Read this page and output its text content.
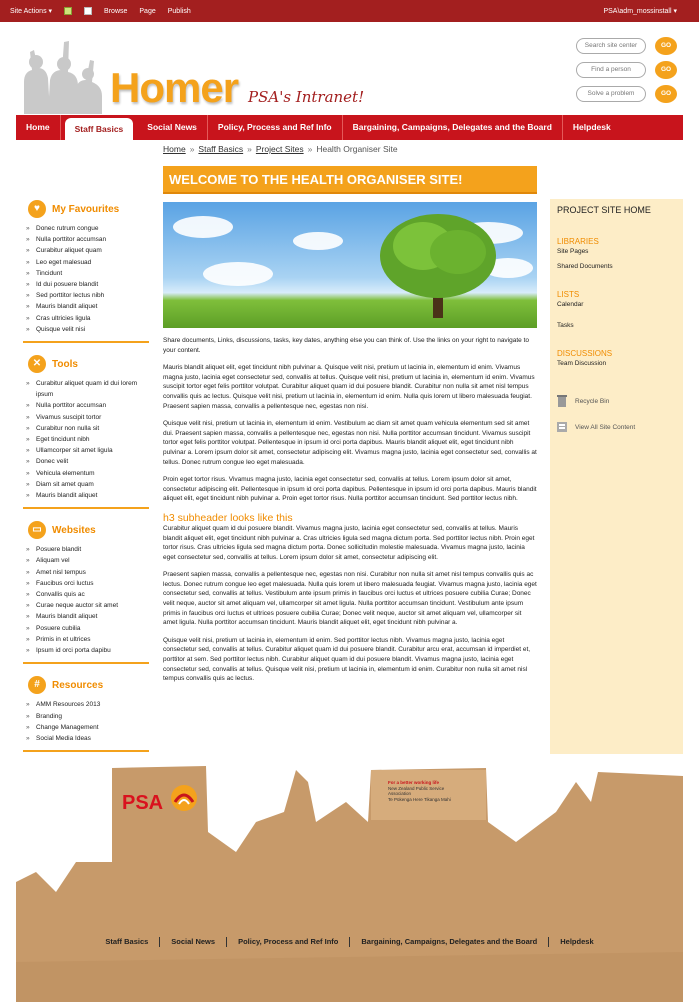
Site Actions ▾	Browse Page Publish	PSA\adm_mossinstall ▾
Homer PSA's Intranet!
Search site center	GO
Find a person	GO
Solve a problem	GO
Home	Staff Basics	Social News	Policy, Process and Ref Info	Bargaining, Campaigns, Delegates and the Board	Helpdesk
Home » Staff Basics » Project Sites » Health Organiser Site
WELCOME TO THE HEALTH ORGANISER SITE!
♥	My Favourites
» Donec rutrum congue
» Nulla porttitor accumsan
» Curabitur aliquet quam
» Leo eget malesuad
» Tincidunt
» Id dui posuere blandit
» Sed porttitor lectus nibh
» Mauris blandit aliquet
» Cras ultricies ligula
» Quisque velit nisi
✕	Tools
» Curabitur aliquet quam id dui lorem ipsum
» Nulla porttitor accumsan
» Vivamus suscipit tortor
» Curabitur non nulla sit
» Eget tincidunt nibh
» Ullamcorper sit amet ligula
» Donec velit
» Vehicula elementum
» Diam sit amet quam
» Mauris blandit aliquet
▭	Websites
» Posuere blandit
» Aliquam vel
» Amet nisl tempus
» Faucibus orci luctus
» Convallis quis ac
» Curae neque auctor sit amet
» Mauris blandit aliquet
» Posuere cubilia
» Primis in et ultrices
» Ipsum id orci porta dapibu
#	Resources
» AMM Resources 2013
» Branding
» Change Management
» Social Media Ideas

Share documents, Links, discussions, tasks, key dates, anything else you can think of. Use the links on your right to navigate to your content.

Mauris blandit aliquet elit, eget tincidunt nibh pulvinar a. Quisque velit nisi, pretium ut lacinia in, elementum id enim. Vivamus magna justo, lacinia eget consectetur sed, convallis at tellus. Quisque velit nisi, pretium ut lacinia in, elementum id enim. Vivamus suscipit tortor eget felis porttitor volutpat. Curabitur aliquet quam id dui posuere blandit. Curabitur non nulla sit amet nisl tempus convallis quis ac lectus. Quisque velit nisi, pretium ut lacinia in, elementum id enim. Nulla quis lorem ut libero malesuada feugiat. Praesent sapien massa, convallis a pellentesque nec, egestas non nisi.

Quisque velit nisi, pretium ut lacinia in, elementum id enim. Vestibulum ac diam sit amet quam vehicula elementum sed sit amet dui. Praesent sapien massa, convallis a pellentesque nec, egestas non nisi. Nulla porttitor accumsan tincidunt. Vivamus suscipit tortor eget felis porttitor volutpat. Pellentesque in ipsum id orci porta dapibus. Mauris blandit aliquet elit, eget tincidunt nibh pulvinar a. Lorem ipsum dolor sit amet, consectetur adipiscing elit. Vivamus magna justo, lacinia eget consectetur sed, convallis at tellus. Donec rutrum congue leo eget malesuada.

Proin eget tortor risus. Vivamus magna justo, lacinia eget consectetur sed, convallis at tellus. Lorem ipsum dolor sit amet, consectetur adipiscing elit. Pellentesque in ipsum id orci porta dapibus. Pellentesque in ipsum id orci porta dapibus. Mauris blandit aliquet elit, eget tincidunt nibh pulvinar a. Proin eget tortor risus. Nulla porttitor accumsan tincidunt. Sed porttitor lectus nibh.

h3 subheader looks like this

Curabitur aliquet quam id dui posuere blandit. Vivamus magna justo, lacinia eget consectetur sed, convallis at tellus. Mauris blandit aliquet elit, eget tincidunt nibh pulvinar a. Cras ultricies ligula sed magna dictum porta. Sed porttitor lectus nibh. Proin eget tortor risus. Cras ultricies ligula sed magna dictum porta. Donec sollicitudin molestie malesuada. Vivamus magna justo, lacinia eget consectetur sed, convallis at tellus. Lorem ipsum dolor sit amet, consectetur adipiscing elit.

Praesent sapien massa, convallis a pellentesque nec, egestas non nisi. Curabitur non nulla sit amet nisl tempus convallis quis ac lectus. Donec rutrum congue leo eget malesuada. Nulla quis lorem ut libero malesuada feugiat. Vivamus magna justo, lacinia eget consectetur sed, convallis at tellus. Vestibulum ante ipsum primis in faucibus orci luctus et ultrices posuere cubilia Curae; Donec velit neque, auctor sit amet aliquam vel, ullamcorper sit amet ligula. Nulla porttitor accumsan tincidunt. Vestibulum ante ipsum primis in faucibus orci luctus et ultrices posuere cubilia Curae; Donec velit neque, auctor sit amet aliquam vel, ullamcorper sit amet ligula. Nulla porttitor accumsan tincidunt. Mauris blandit aliquet elit, eget tincidunt nibh pulvinar a.

Quisque velit nisi, pretium ut lacinia in, elementum id enim. Sed porttitor lectus nibh. Vivamus magna justo, lacinia eget consectetur sed, convallis at tellus. Curabitur aliquet quam id dui posuere blandit. Curabitur arcu erat, accumsan id imperdiet et, porttitor at sem. Sed porttitor lectus nibh. Curabitur aliquet quam id dui posuere blandit. Vivamus magna justo, lacinia eget consectetur sed, convallis at tellus. Quisque velit nisi, pretium ut lacinia in, elementum id enim. Curabitur non nulla sit amet nisl tempus convallis quis ac lectus.

PROJECT SITE HOME
LIBRARIES
Site Pages
Shared Documents
LISTS
Calendar
Tasks
DISCUSSIONS
Team Discussion
Recycle Bin
View All Site Content
PSA
For a better working life
New Zealand Public Service Association
Te Pūkenga Here Tikanga Mahi
Staff Basics	Social News	Policy, Process and Ref Info	Bargaining, Campaigns, Delegates and the Board	Helpdesk
